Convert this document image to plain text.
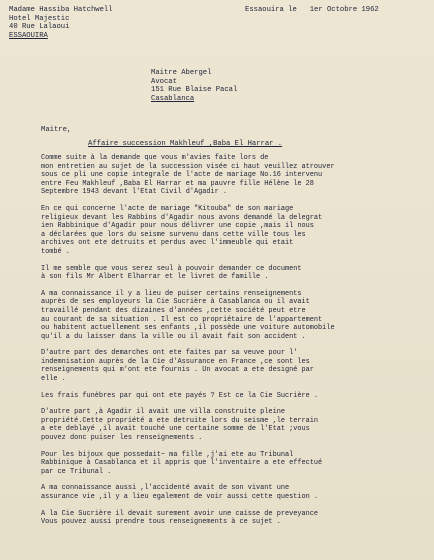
Madame Hassiba Hatchwell
Hotel Majestic
40 Rue Lalaoui
ESSAOUIRA
Essaouira le   1er Octobre 1962
Maitre Abergel
Avocat
151 Rue Blaise Pacal
Casablanca
Maitre,
Affaire succession Makhleuf ,Baba El Harrar .

Comme suite à la demande que vous m'avies faite lors de
mon entretien au sujet de la succession visée ci haut veuillez atrouver
sous ce pli une copie integrale de l'acte de mariage No.16 intervenu
entre Feu Makhleuf ,Baba El Harrar et ma pauvre fille Hélène le 28
Septembre 1943 devant l'Etat Civil d'Agadir .

En ce qui concerne l'acte de mariage "Kitouba" de son mariage
religieux devant les Rabbins d'Agadir nous avons demandé la delegrat
ien Rabbinique d'Agadir pour nous délivrer une copie ,mais il nous
a déclarées que lors du seisme survenu dans cette ville tous les
archives ont ete detruits et perdus avec l'immeuble qui etait
tombé .

Il me semble que vous serez seul à pouvoir demander ce document
à son fils Mr Albert Elharrar et le livret de famille .

A ma connaissance il y a lieu de puiser certains renseignements
auprès de ses employeurs la Cie Sucrière à Casablanca ou il avait
travaillé pendant des dizaines d'années ,cette société peut etre
au courant de sa situation . Il est co propriétaire de l'appartement
ou habitent actuellement ses enfants ,il possède une voiture automobile
qu'il a du laisser dans la ville ou il avait fait son accident .

D'autre part des demarches ont ete faites par sa veuve pour l'
indemnisation auprès de la Cie d'Assurance en France ,ce sont les
renseignements qui m'ont ete fournis . Un avocat a ete designé par
elle .

Les frais funèbres par qui ont ete payés ? Est ce la Cie Sucrière .

D'autre part ,à Agadir il avait une villa construite pleine
propriété.Cette propriété a ete detruite lors du seisme ,le terrain
a ete deblayé ,il avait touché une certaine somme de l'Etat ;vous
pouvez donc puiser les renseignements .

Pour les bijoux que possedait~ ma fille ,j'ai ete au Tribunal
Rabbinique à Casablanca et il appris que l'inventaire a ete effectué
par ce Tribunal .

A ma connaissance aussi ,l'accidenté avait de son vivant une
assurance vie ,il y a lieu egalement de voir aussi cette question .

A la Cie Sucrière il devait surement avoir une caisse de preveyance
Vous pouvez aussi prendre tous renseignements à ce sujet .
